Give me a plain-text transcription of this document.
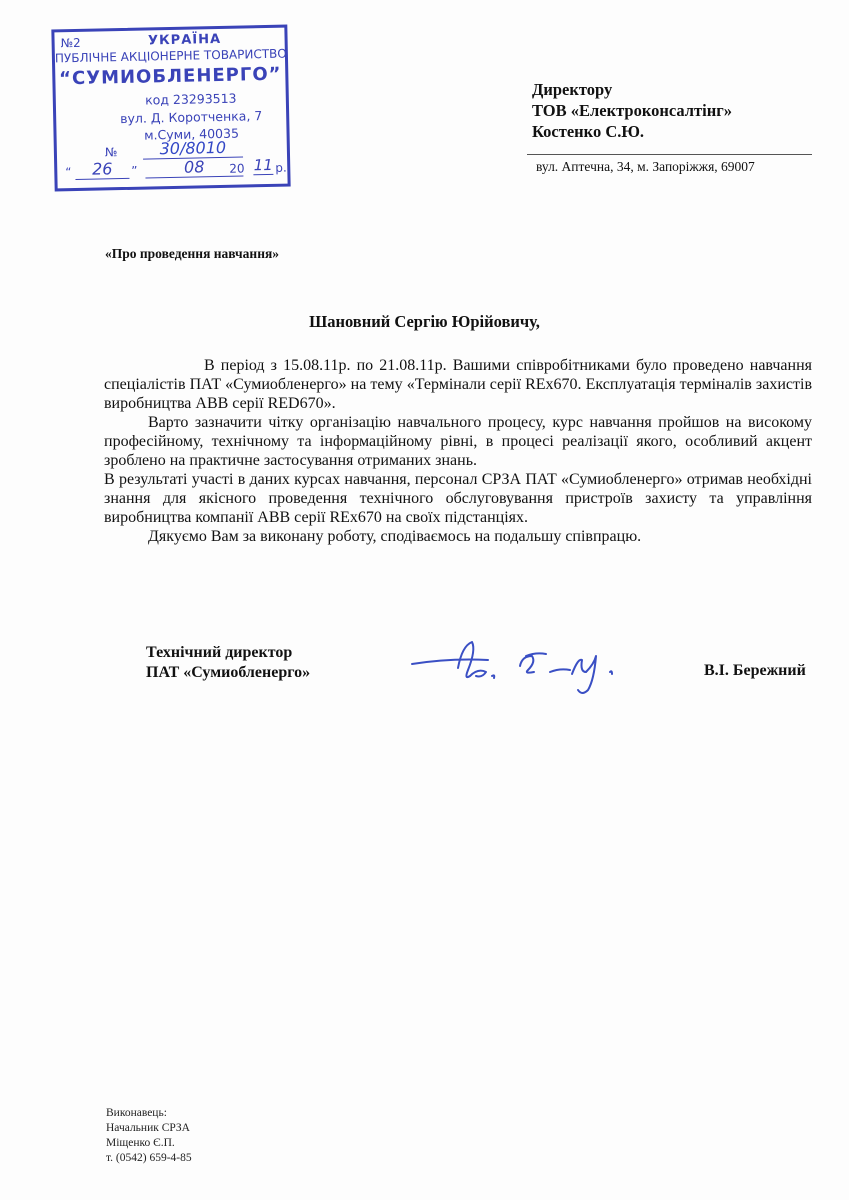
№2	УКРАЇНА
ПУБЛІЧНЕ АКЦІОНЕРНЕ ТОВАРИСТВО
“СУМИОБЛЕНЕРГО”
код 23293513
вул. Д. Коротченка, 7
м.Суми, 40035
№	30/8010
“	26	”	08	20 11 р.
Директору
ТОВ «Електроконсалтінг»
Костенко С.Ю.
вул. Аптечна, 34, м. Запоріжжя, 69007
«Про проведення навчання»
Шановний Сергію Юрійовичу,

В період з 15.08.11р. по 21.08.11р. Вашими співробітниками було проведено навчання спеціалістів ПАТ «Сумиобленерго» на тему «Термінали серії REх670. Експлуатація терміналів захистів виробництва АВВ серії RED670».

Варто зазначити чітку організацію навчального процесу, курс навчання пройшов на високому професійному, технічному та інформаційному рівні, в процесі реалізації якого, особливий акцент зроблено на практичне застосування отриманих знань.

В результаті участі в даних курсах навчання, персонал СРЗА ПАТ «Сумиобленерго» отримав необхідні знання для якісного проведення технічного обслуговування пристроїв захисту та управління виробництва компанії АВВ серії REх670 на своїх підстанціях.

Дякуємо Вам за виконану роботу, сподіваємось на подальшу співпрацю.

Технічний директор
ПАТ «Сумиобленерго»	В.І. Бережний
Виконавець:
Начальник СРЗА
Міщенко Є.П.
т. (0542) 659-4-85
